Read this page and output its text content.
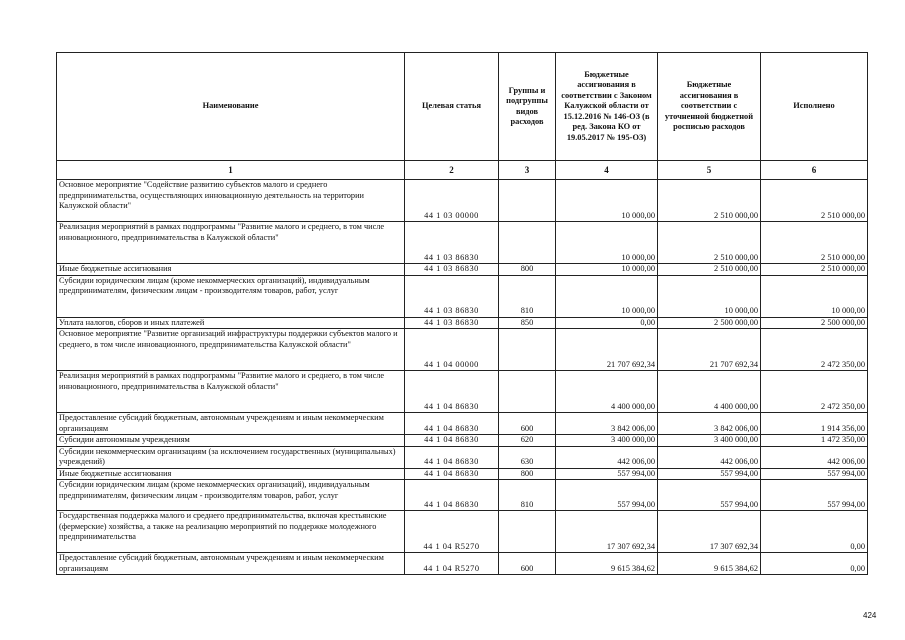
Наименование	Целевая статья	Группы и подгруппы видов расходов	Бюджетные ассигнования в соответствии с Законом Калужской области от 15.12.2016 № 146-ОЗ (в ред. Закона КО от 19.05.2017 № 195-ОЗ)	Бюджетные ассигнования в соответствии с уточненной бюджетной росписью расходов	Исполнено
1	2	3	4	5	6
Основное мероприятие "Содействие развитию субъектов малого и среднего предпринимательства, осуществляющих инновационную деятельность на территории Калужской области"	44 1 03 00000		10 000,00	2 510 000,00	2 510 000,00
Реализация мероприятий в рамках подпрограммы "Развитие малого и среднего, в том числе инновационного, предпринимательства в Калужской области"	44 1 03 86830		10 000,00	2 510 000,00	2 510 000,00
Иные бюджетные ассигнования	44 1 03 86830	800	10 000,00	2 510 000,00	2 510 000,00
Субсидии юридическим лицам (кроме некоммерческих организаций), индивидуальным предпринимателям, физическим лицам - производителям товаров, работ, услуг	44 1 03 86830	810	10 000,00	10 000,00	10 000,00
Уплата налогов, сборов и иных платежей	44 1 03 86830	850	0,00	2 500 000,00	2 500 000,00
Основное мероприятие "Развитие организаций инфраструктуры поддержки субъектов малого и среднего, в том числе инновационного, предпринимательства Калужской области"	44 1 04 00000		21 707 692,34	21 707 692,34	2 472 350,00
Реализация мероприятий в рамках подпрограммы "Развитие малого и среднего, в том числе инновационного, предпринимательства в Калужской области"	44 1 04 86830		4 400 000,00	4 400 000,00	2 472 350,00
Предоставление субсидий бюджетным, автономным учреждениям и иным некоммерческим организациям	44 1 04 86830	600	3 842 006,00	3 842 006,00	1 914 356,00
Субсидии автономным учреждениям	44 1 04 86830	620	3 400 000,00	3 400 000,00	1 472 350,00
Субсидии некоммерческим организациям (за исключением государственных (муниципальных) учреждений)	44 1 04 86830	630	442 006,00	442 006,00	442 006,00
Иные бюджетные ассигнования	44 1 04 86830	800	557 994,00	557 994,00	557 994,00
Субсидии юридическим лицам (кроме некоммерческих организаций), индивидуальным предпринимателям, физическим лицам - производителям товаров, работ, услуг	44 1 04 86830	810	557 994,00	557 994,00	557 994,00
Государственная поддержка малого и среднего предпринимательства, включая крестьянские (фермерские) хозяйства, а также на реализацию мероприятий по поддержке молодежного предпринимательства	44 1 04 R5270		17 307 692,34	17 307 692,34	0,00
Предоставление субсидий бюджетным, автономным учреждениям и иным некоммерческим организациям	44 1 04 R5270	600	9 615 384,62	9 615 384,62	0,00
424
